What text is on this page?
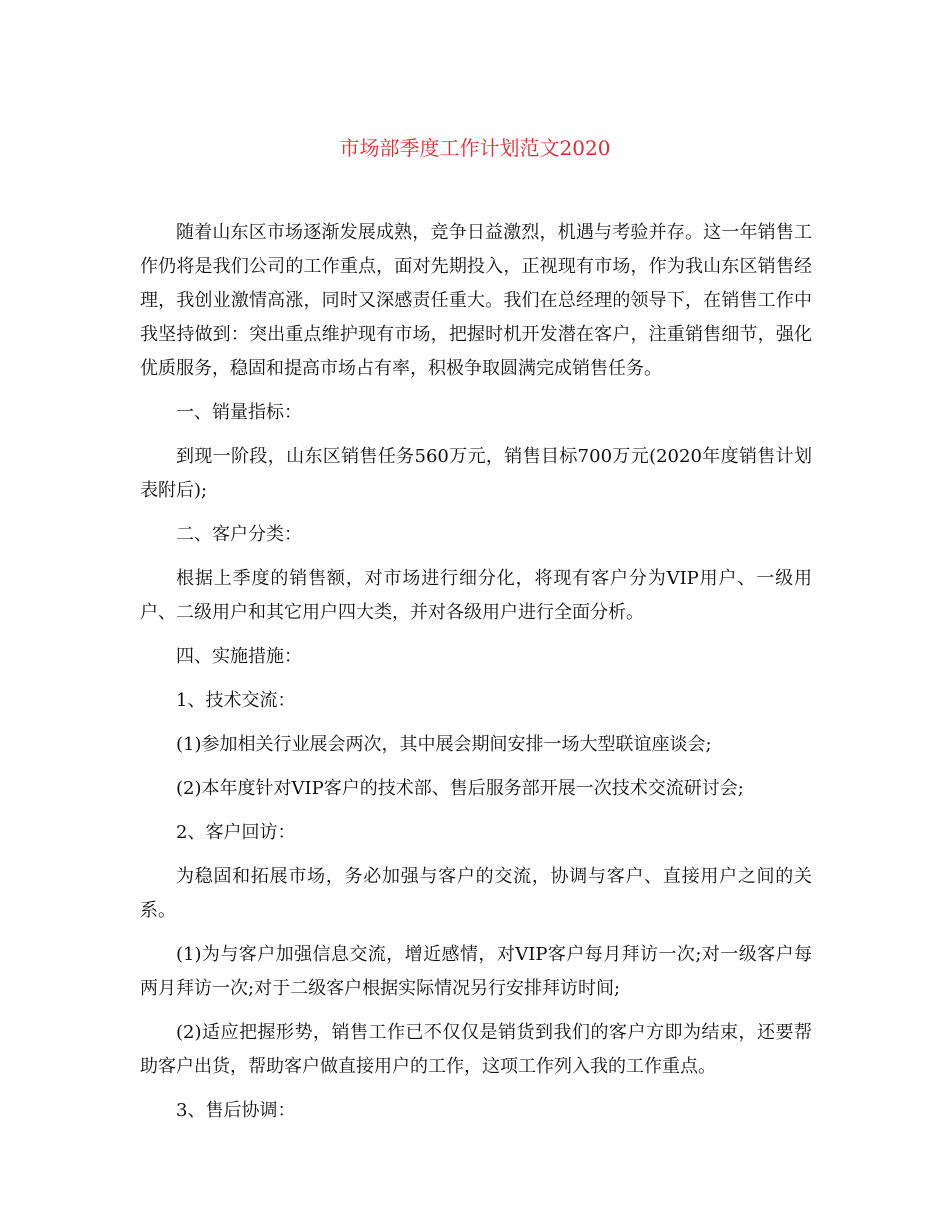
市场部季度工作计划范文2020

随着山东区市场逐渐发展成熟，竞争日益激烈，机遇与考验并存。这一年销售工作仍将是我们公司的工作重点，面对先期投入，正视现有市场，作为我山东区销售经理，我创业激情高涨，同时又深感责任重大。我们在总经理的领导下，在销售工作中我坚持做到：突出重点维护现有市场，把握时机开发潜在客户，注重销售细节，强化优质服务，稳固和提高市场占有率，积极争取圆满完成销售任务。

一、销量指标：

到现一阶段，山东区销售任务560万元，销售目标700万元(2020年度销售计划表附后);

二、客户分类：

根据上季度的销售额，对市场进行细分化，将现有客户分为VIP用户、一级用户、二级用户和其它用户四大类，并对各级用户进行全面分析。

四、实施措施：

1、技术交流：

(1)参加相关行业展会两次，其中展会期间安排一场大型联谊座谈会;

(2)本年度针对VIP客户的技术部、售后服务部开展一次技术交流研讨会;

2、客户回访：

为稳固和拓展市场，务必加强与客户的交流，协调与客户、直接用户之间的关系。

(1)为与客户加强信息交流，增近感情，对VIP客户每月拜访一次;对一级客户每两月拜访一次;对于二级客户根据实际情况另行安排拜访时间;

(2)适应把握形势，销售工作已不仅仅是销货到我们的客户方即为结束，还要帮助客户出货，帮助客户做直接用户的工作，这项工作列入我的工作重点。

3、售后协调：
